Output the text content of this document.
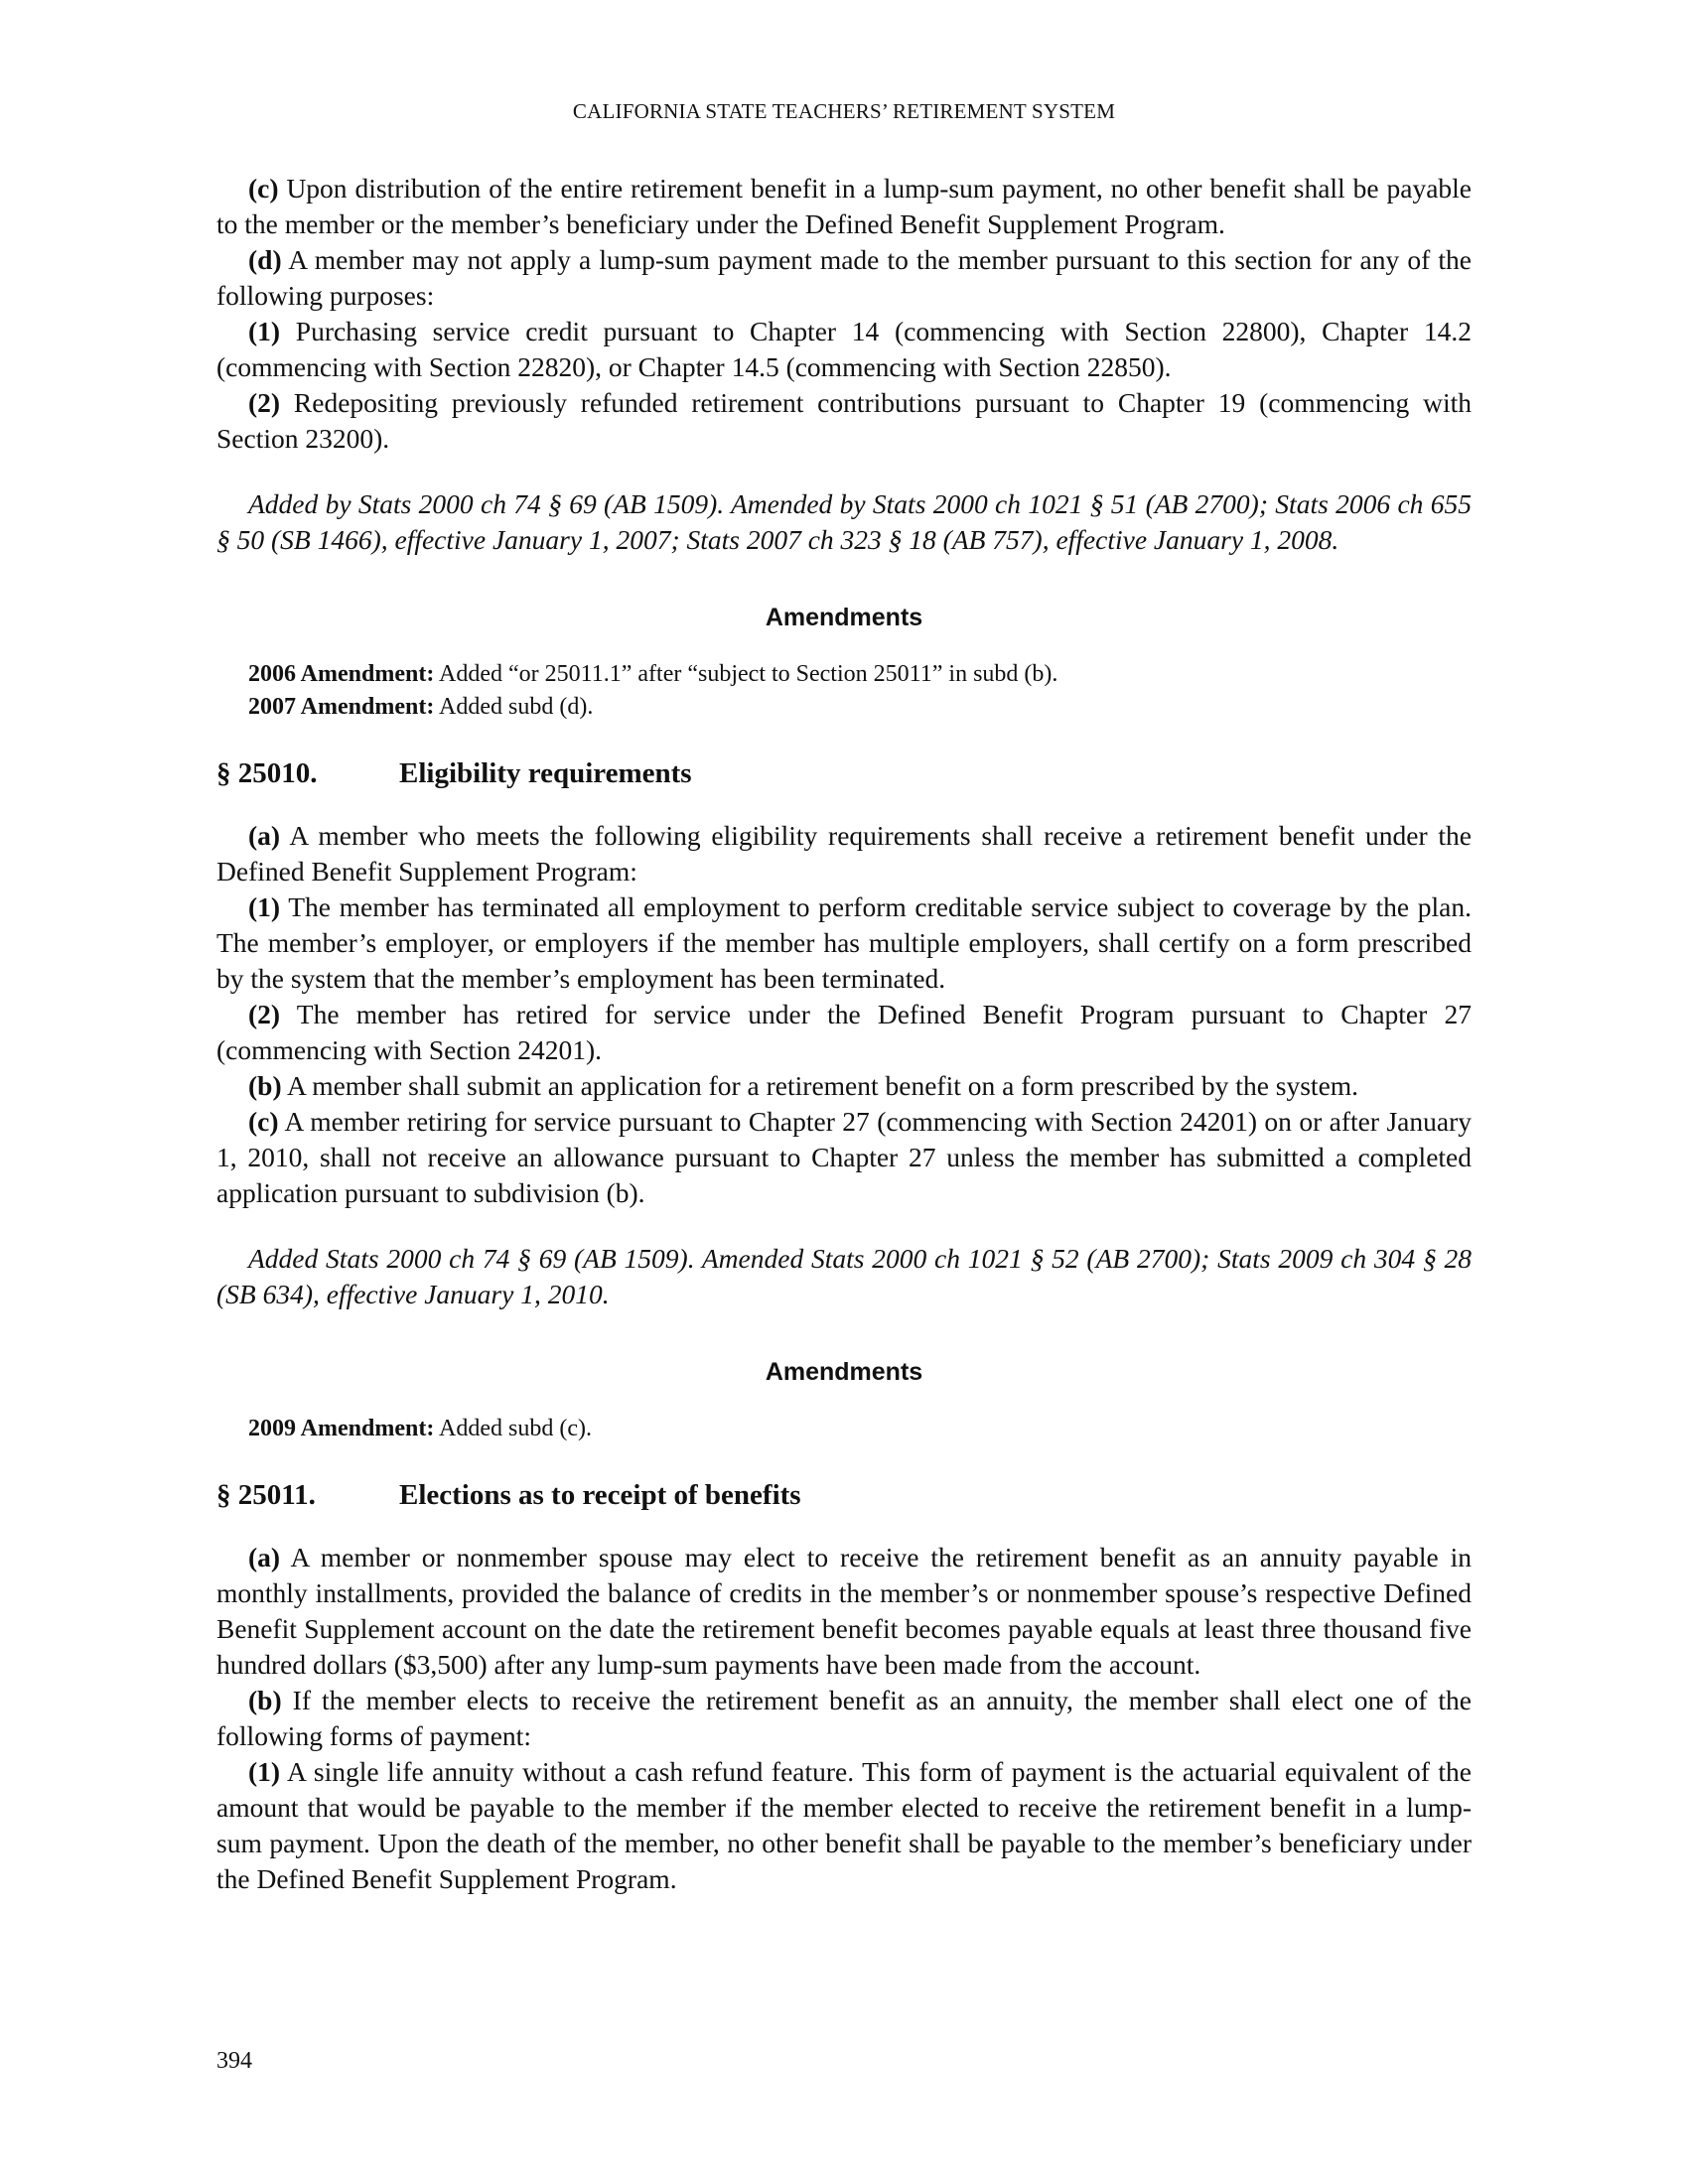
CALIFORNIA STATE TEACHERS’ RETIREMENT SYSTEM

(c) Upon distribution of the entire retirement benefit in a lump-sum payment, no other benefit shall be payable to the member or the member’s beneficiary under the Defined Benefit Supplement Program.

(d) A member may not apply a lump-sum payment made to the member pursuant to this section for any of the following purposes:

(1) Purchasing service credit pursuant to Chapter 14 (commencing with Section 22800), Chapter 14.2 (commencing with Section 22820), or Chapter 14.5 (commencing with Section 22850).

(2) Redepositing previously refunded retirement contributions pursuant to Chapter 19 (commencing with Section 23200).

Added by Stats 2000 ch 74 § 69 (AB 1509). Amended by Stats 2000 ch 1021 § 51 (AB 2700); Stats 2006 ch 655 § 50 (SB 1466), effective January 1, 2007; Stats 2007 ch 323 § 18 (AB 757), effective January 1, 2008.

Amendments

2006 Amendment: Added “or 25011.1” after “subject to Section 25011” in subd (b).

2007 Amendment: Added subd (d).

§ 25010.	Eligibility requirements

(a) A member who meets the following eligibility requirements shall receive a retirement benefit under the Defined Benefit Supplement Program:

(1) The member has terminated all employment to perform creditable service subject to coverage by the plan. The member’s employer, or employers if the member has multiple employers, shall certify on a form prescribed by the system that the member’s employment has been terminated.

(2) The member has retired for service under the Defined Benefit Program pursuant to Chapter 27 (commencing with Section 24201).

(b) A member shall submit an application for a retirement benefit on a form prescribed by the system.

(c) A member retiring for service pursuant to Chapter 27 (commencing with Section 24201) on or after January 1, 2010, shall not receive an allowance pursuant to Chapter 27 unless the member has submitted a completed application pursuant to subdivision (b).

Added Stats 2000 ch 74 § 69 (AB 1509). Amended Stats 2000 ch 1021 § 52 (AB 2700); Stats 2009 ch 304 § 28 (SB 634), effective January 1, 2010.

Amendments

2009 Amendment: Added subd (c).

§ 25011.	Elections as to receipt of benefits

(a) A member or nonmember spouse may elect to receive the retirement benefit as an annuity payable in monthly installments, provided the balance of credits in the member’s or nonmember spouse’s respective Defined Benefit Supplement account on the date the retirement benefit becomes payable equals at least three thousand five hundred dollars ($3,500) after any lump-sum payments have been made from the account.

(b) If the member elects to receive the retirement benefit as an annuity, the member shall elect one of the following forms of payment:

(1) A single life annuity without a cash refund feature. This form of payment is the actuarial equivalent of the amount that would be payable to the member if the member elected to receive the retirement benefit in a lump-sum payment. Upon the death of the member, no other benefit shall be payable to the member’s beneficiary under the Defined Benefit Supplement Program.

394
